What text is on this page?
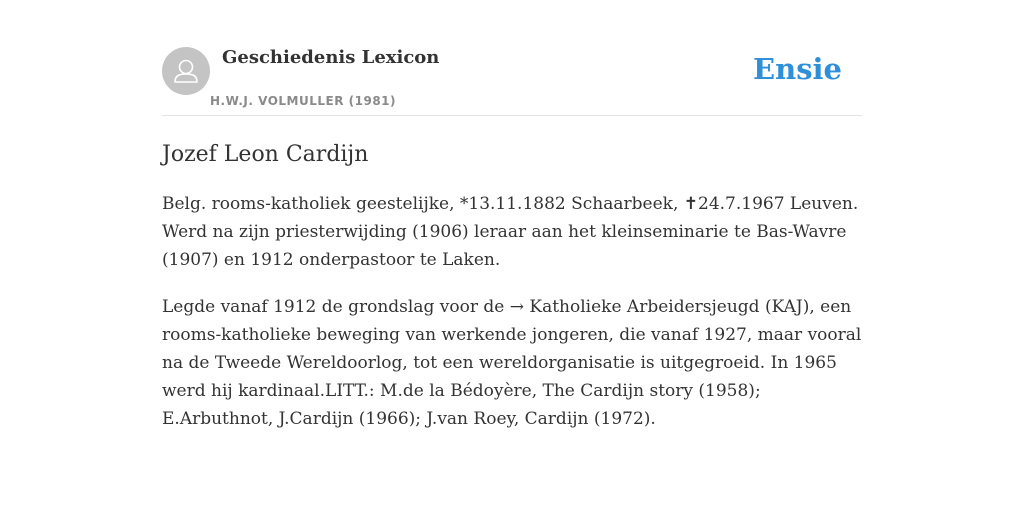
Geschiedenis Lexicon
H.W.J. VOLMULLER (1981)
Ensie
Jozef Leon Cardijn

Belg. rooms-katholiek geestelijke, *13.11.1882 Schaarbeek, ✝24.7.1967 Leuven. Werd na zijn priesterwijding (1906) leraar aan het kleinseminarie te Bas-Wavre (1907) en 1912 onderpastoor te Laken.

Legde vanaf 1912 de grondslag voor de → Katholieke Arbeidersjeugd (KAJ), een rooms-katholieke beweging van werkende jongeren, die vanaf 1927, maar vooral na de Tweede Wereldoorlog, tot een wereldorganisatie is uitgegroeid. In 1965 werd hij kardinaal.LITT.: M.de la Bédoyère, The Cardijn story (1958); E.Arbuthnot, J.Cardijn (1966); J.van Roey, Cardijn (1972).
